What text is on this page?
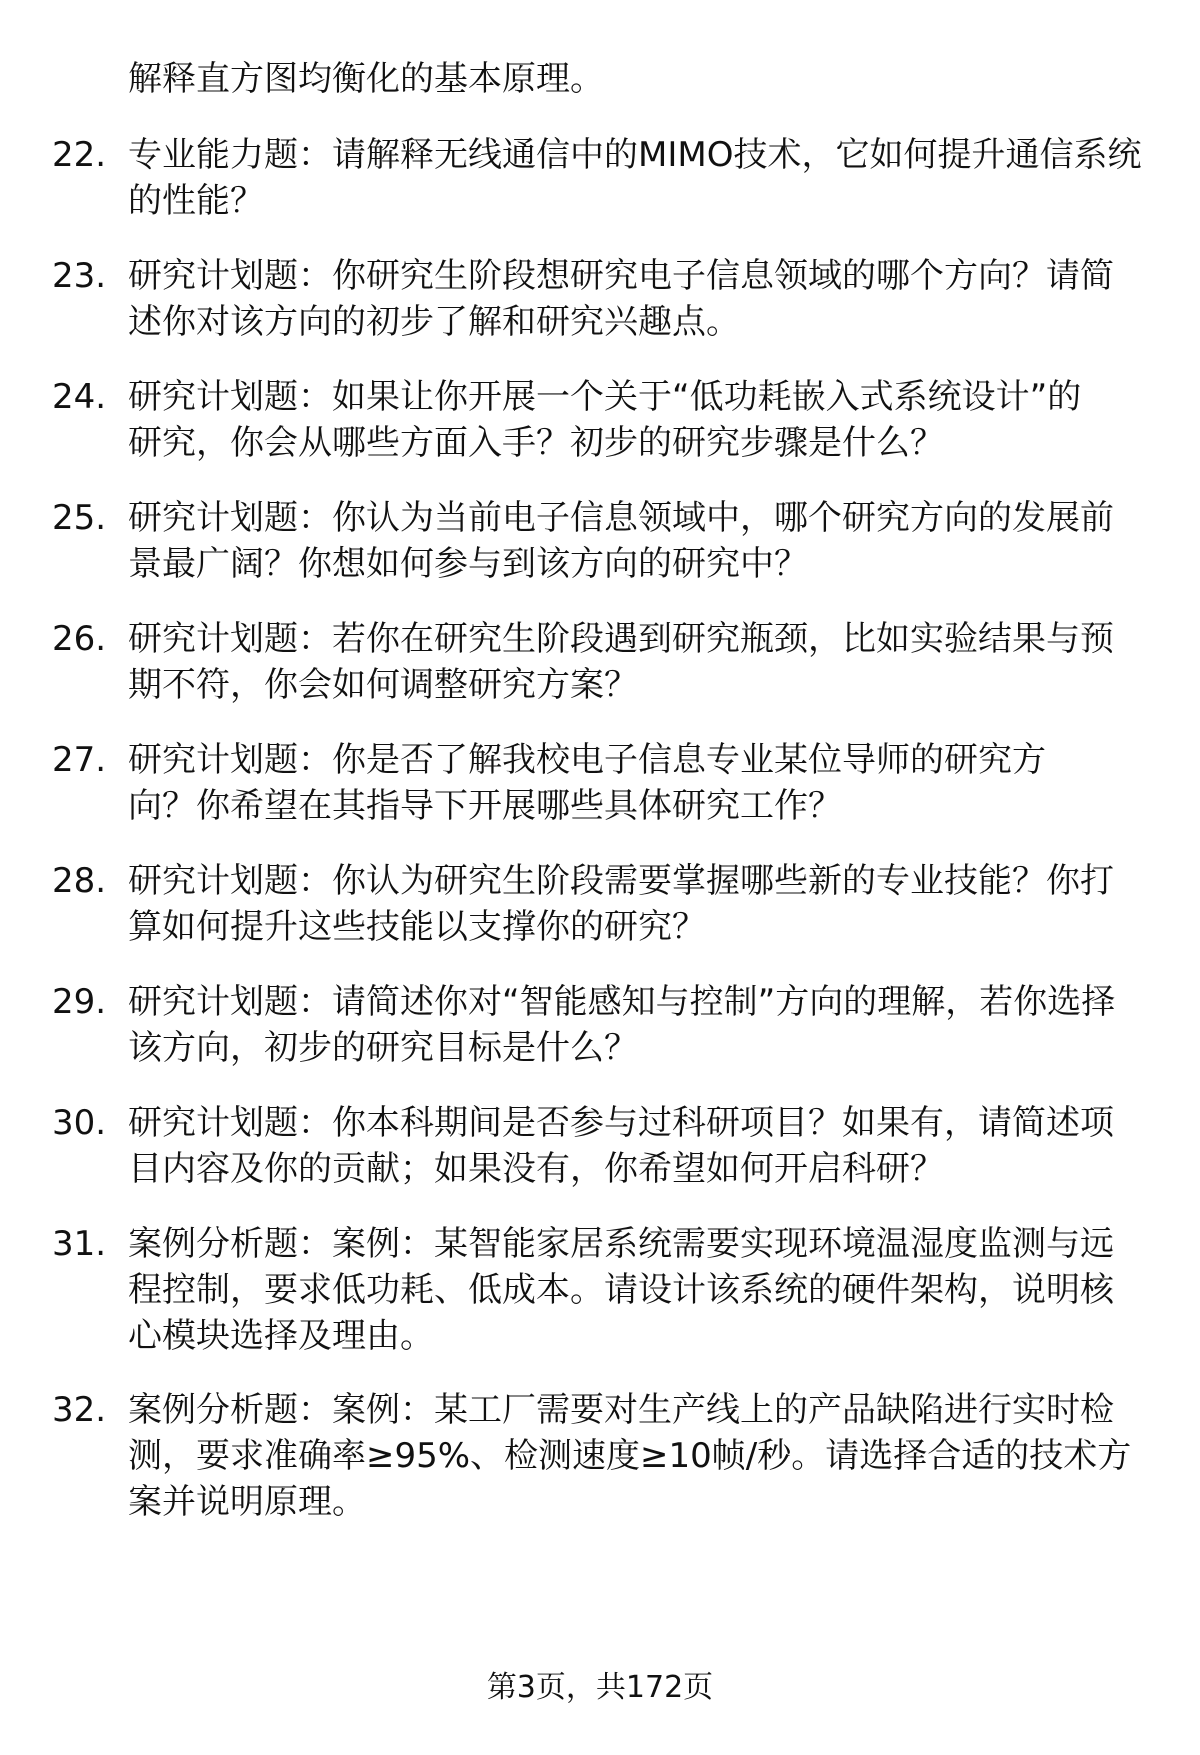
解释直方图均衡化的基本原理。
22. 专业能力题：请解释无线通信中的MIMO技术，它如何提升通信系统的性能？
23. 研究计划题：你研究生阶段想研究电子信息领域的哪个方向？请简述你对该方向的初步了解和研究兴趣点。
24. 研究计划题：如果让你开展一个关于“低功耗嵌入式系统设计”的研究，你会从哪些方面入手？初步的研究步骤是什么？
25. 研究计划题：你认为当前电子信息领域中，哪个研究方向的发展前景最广阔？你想如何参与到该方向的研究中？
26. 研究计划题：若你在研究生阶段遇到研究瓶颈，比如实验结果与预期不符，你会如何调整研究方案？
27. 研究计划题：你是否了解我校电子信息专业某位导师的研究方向？你希望在其指导下开展哪些具体研究工作？
28. 研究计划题：你认为研究生阶段需要掌握哪些新的专业技能？你打算如何提升这些技能以支撑你的研究？
29. 研究计划题：请简述你对“智能感知与控制”方向的理解，若你选择该方向，初步的研究目标是什么？
30. 研究计划题：你本科期间是否参与过科研项目？如果有，请简述项目内容及你的贡献；如果没有，你希望如何开启科研？
31. 案例分析题：案例：某智能家居系统需要实现环境温湿度监测与远程控制，要求低功耗、低成本。请设计该系统的硬件架构，说明核心模块选择及理由。
32. 案例分析题：案例：某工厂需要对生产线上的产品缺陷进行实时检测，要求准确率≥95%、检测速度≥10帧/秒。请选择合适的技术方案并说明原理。
第3页，共172页
